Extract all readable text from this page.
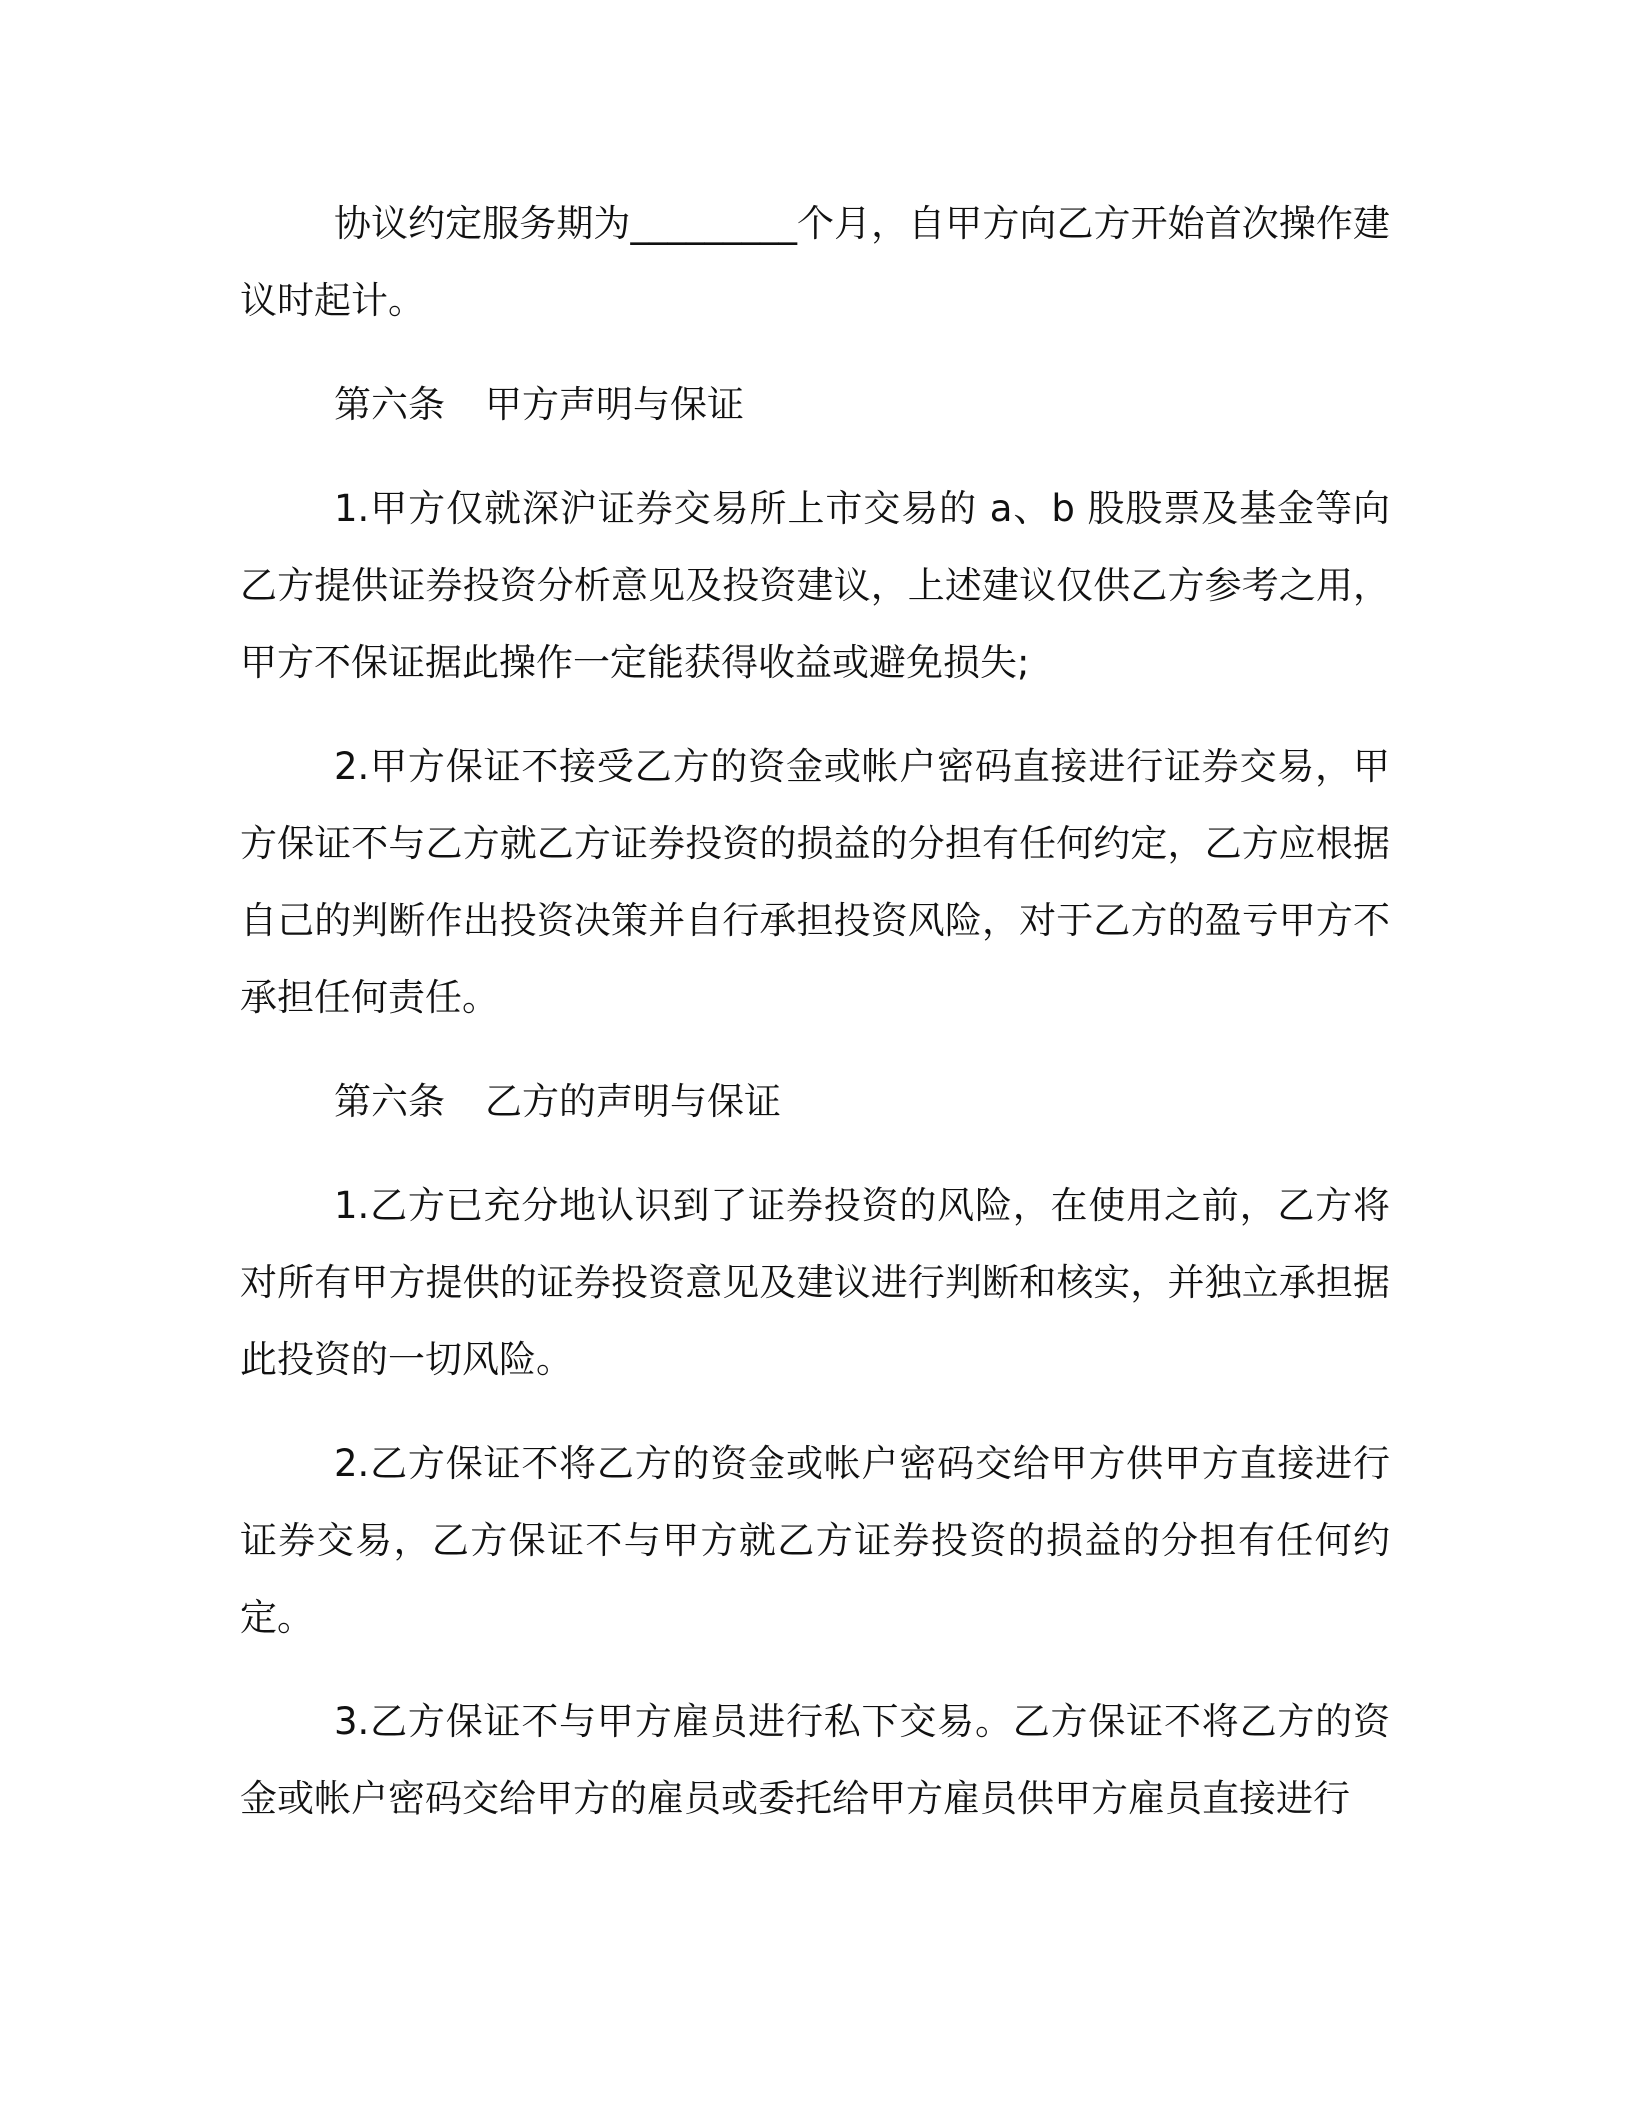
协议约定服务期为_________个月，自甲方向乙方开始首次操作建议时起计。

第六条 甲方声明与保证

1.甲方仅就深沪证券交易所上市交易的 a、b 股股票及基金等向乙方提供证券投资分析意见及投资建议，上述建议仅供乙方参考之用，甲方不保证据此操作一定能获得收益或避免损失;

2.甲方保证不接受乙方的资金或帐户密码直接进行证券交易，甲方保证不与乙方就乙方证券投资的损益的分担有任何约定，乙方应根据自己的判断作出投资决策并自行承担投资风险，对于乙方的盈亏甲方不承担任何责任。

第六条 乙方的声明与保证

1.乙方已充分地认识到了证券投资的风险，在使用之前，乙方将对所有甲方提供的证券投资意见及建议进行判断和核实，并独立承担据此投资的一切风险。

2.乙方保证不将乙方的资金或帐户密码交给甲方供甲方直接进行证券交易，乙方保证不与甲方就乙方证券投资的损益的分担有任何约定。

3.乙方保证不与甲方雇员进行私下交易。乙方保证不将乙方的资金或帐户密码交给甲方的雇员或委托给甲方雇员供甲方雇员直接进行
